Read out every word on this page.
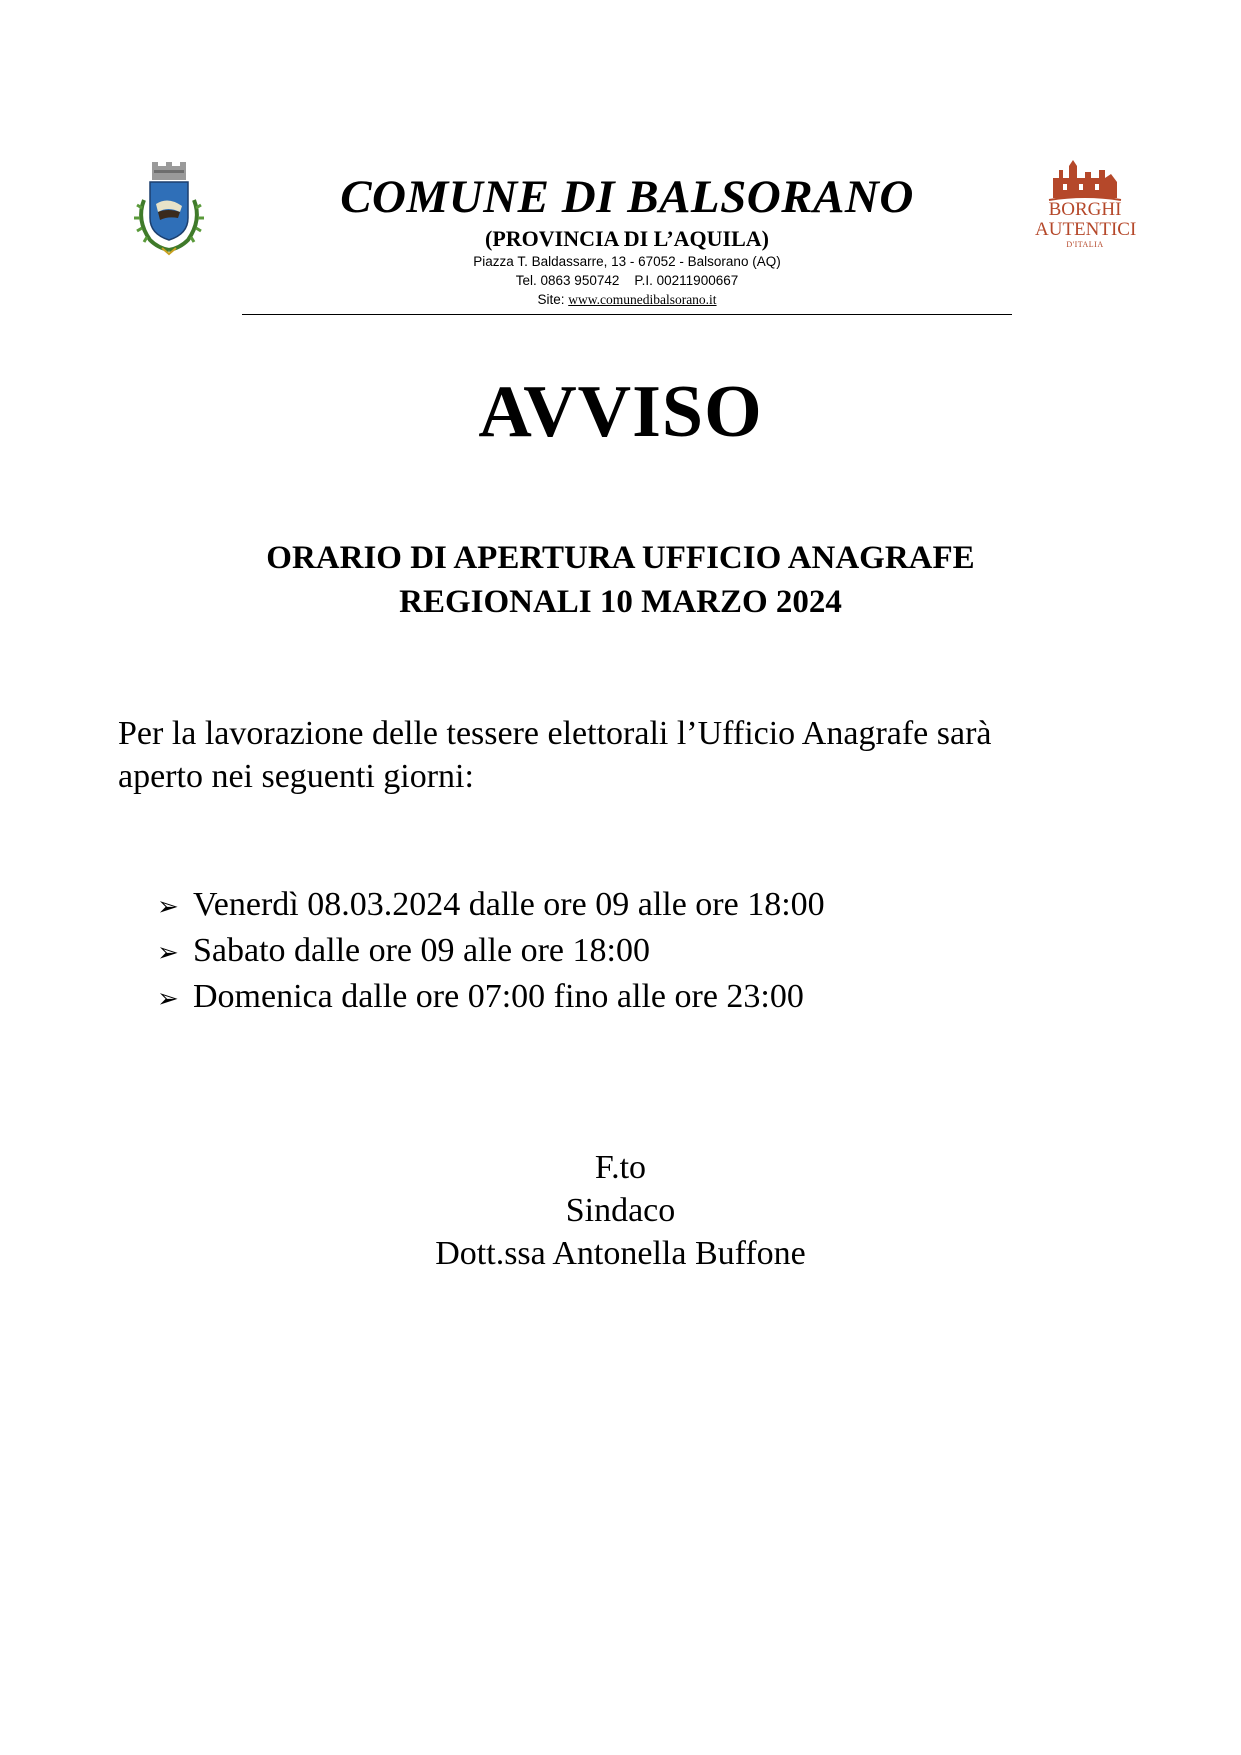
BORGHI
AUTENTICI
D'ITALIA
COMUNE DI BALSORANO
(PROVINCIA DI L’AQUILA)
Piazza T. Baldassarre, 13 - 67052 - Balsorano (AQ)
Tel. 0863 950742 P.I. 00211900667
Site: www.comunedibalsorano.it
AVVISO
ORARIO DI APERTURA UFFICIO ANAGRAFE
REGIONALI 10 MARZO 2024
Per la lavorazione delle tessere elettorali l’Ufficio Anagrafe sarà
aperto nei seguenti giorni:
➢ Venerdì 08.03.2024 dalle ore 09 alle ore 18:00
➢ Sabato dalle ore 09 alle ore 18:00
➢ Domenica dalle ore 07:00 fino alle ore 23:00
F.to
Sindaco
Dott.ssa Antonella Buffone
